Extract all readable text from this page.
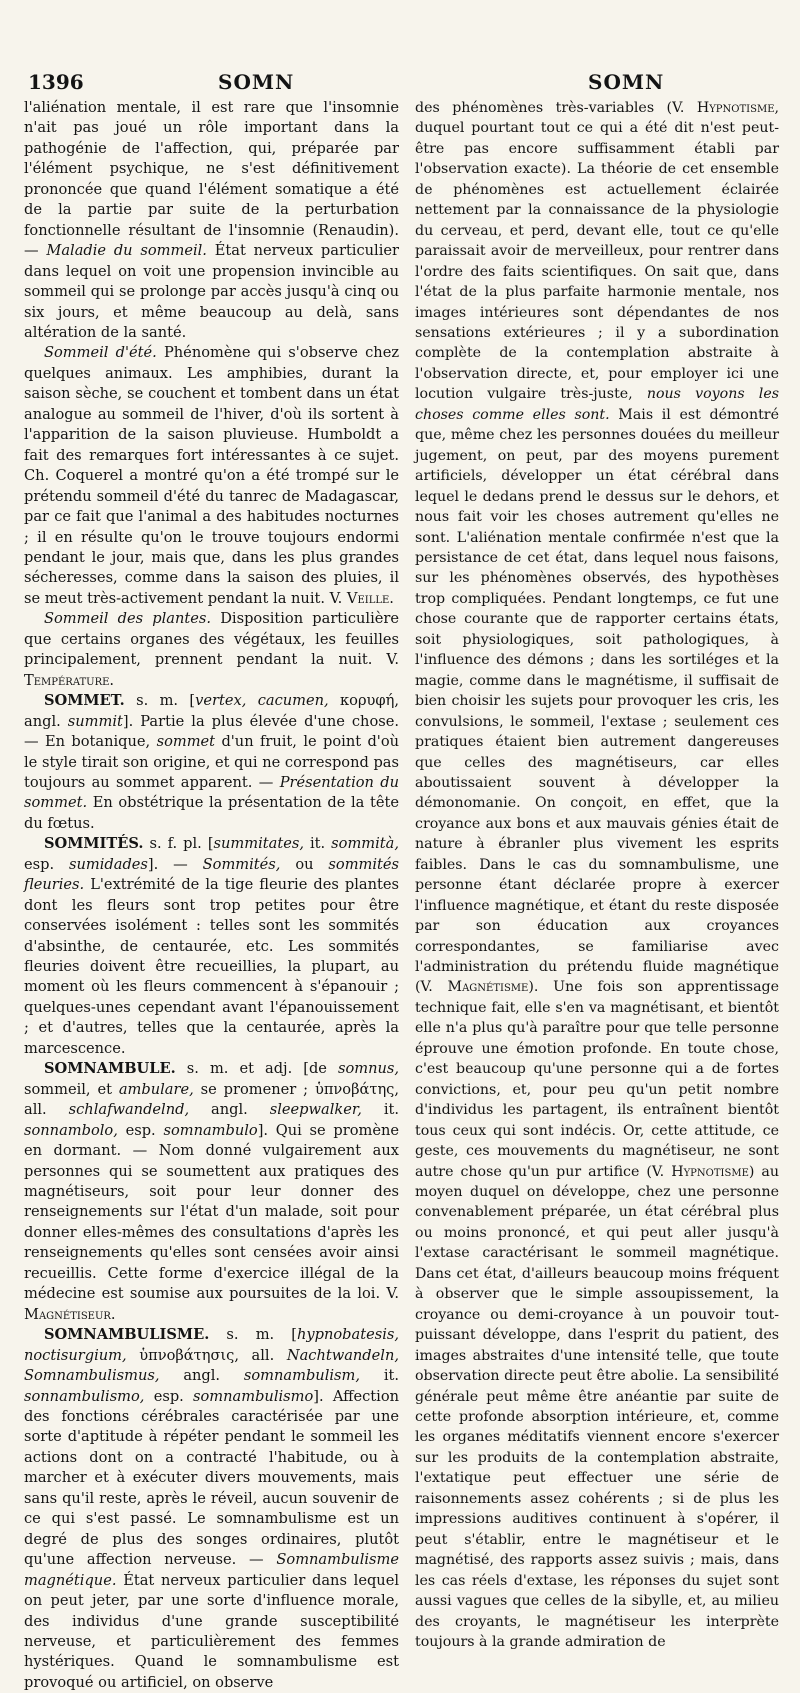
1396	SOMN	SOMN

l'aliénation mentale, il est rare que l'insomnie n'ait pas joué un rôle important dans la pathogénie de l'affection, qui, préparée par l'élément psychique, ne s'est définitivement prononcée que quand l'élément somatique a été de la partie par suite de la perturbation fonctionnelle résultant de l'insomnie (Renaudin). — Maladie du sommeil. État nerveux particulier dans lequel on voit une propension invincible au sommeil qui se prolonge par accès jusqu'à cinq ou six jours, et même beaucoup au delà, sans altération de la santé.

Sommeil d'été. Phénomène qui s'observe chez quelques animaux. Les amphibies, durant la saison sèche, se couchent et tombent dans un état analogue au sommeil de l'hiver, d'où ils sortent à l'apparition de la saison pluvieuse. Humboldt a fait des remarques fort intéressantes à ce sujet. Ch. Coquerel a montré qu'on a été trompé sur le prétendu sommeil d'été du tanrec de Madagascar, par ce fait que l'animal a des habitudes nocturnes ; il en résulte qu'on le trouve toujours endormi pendant le jour, mais que, dans les plus grandes sécheresses, comme dans la saison des pluies, il se meut très-activement pendant la nuit. V. Veille.

Sommeil des plantes. Disposition particulière que certains organes des végétaux, les feuilles principalement, prennent pendant la nuit. V. Température.

SOMMET. s. m. [vertex, cacumen, κορυφή, angl. summit]. Partie la plus élevée d'une chose. — En botanique, sommet d'un fruit, le point d'où le style tirait son origine, et qui ne correspond pas toujours au sommet apparent. — Présentation du sommet. En obstétrique la présentation de la tête du fœtus.

SOMMITÉS. s. f. pl. [summitates, it. sommità, esp. sumidades]. — Sommités, ou sommités fleuries. L'extrémité de la tige fleurie des plantes dont les fleurs sont trop petites pour être conservées isolément : telles sont les sommités d'absinthe, de centaurée, etc. Les sommités fleuries doivent être recueillies, la plupart, au moment où les fleurs commencent à s'épanouir ; quelques-unes cependant avant l'épanouissement ; et d'autres, telles que la centaurée, après la marcescence.

SOMNAMBULE. s. m. et adj. [de somnus, sommeil, et ambulare, se promener ; ὑπνοβάτης, all. schlafwandelnd, angl. sleepwalker, it. sonnambolo, esp. somnambulo]. Qui se promène en dormant. — Nom donné vulgairement aux personnes qui se soumettent aux pratiques des magnétiseurs, soit pour leur donner des renseignements sur l'état d'un malade, soit pour donner elles-mêmes des consultations d'après les renseignements qu'elles sont censées avoir ainsi recueillis. Cette forme d'exercice illégal de la médecine est soumise aux poursuites de la loi. V. Magnétiseur.

SOMNAMBULISME. s. m. [hypnobatesis, noctisurgium, ὑπνοβάτησις, all. Nachtwandeln, Somnambulismus, angl. somnambulism, it. sonnambulismo, esp. somnambulismo]. Affection des fonctions cérébrales caractérisée par une sorte d'aptitude à répéter pendant le sommeil les actions dont on a contracté l'habitude, ou à marcher et à exécuter divers mouvements, mais sans qu'il reste, après le réveil, aucun souvenir de ce qui s'est passé. Le somnambulisme est un degré de plus des songes ordinaires, plutôt qu'une affection nerveuse. — Somnambulisme magnétique. État nerveux particulier dans lequel on peut jeter, par une sorte d'influence morale, des individus d'une grande susceptibilité nerveuse, et particulièrement des femmes hystériques. Quand le somnambulisme est provoqué ou artificiel, on observe

des phénomènes très-variables (V. Hypnotisme, duquel pourtant tout ce qui a été dit n'est peut-être pas encore suffisamment établi par l'observation exacte). La théorie de cet ensemble de phénomènes est actuellement éclairée nettement par la connaissance de la physiologie du cerveau, et perd, devant elle, tout ce qu'elle paraissait avoir de merveilleux, pour rentrer dans l'ordre des faits scientifiques. On sait que, dans l'état de la plus parfaite harmonie mentale, nos images intérieures sont dépendantes de nos sensations extérieures ; il y a subordination complète de la contemplation abstraite à l'observation directe, et, pour employer ici une locution vulgaire très-juste, nous voyons les choses comme elles sont. Mais il est démontré que, même chez les personnes douées du meilleur jugement, on peut, par des moyens purement artificiels, développer un état cérébral dans lequel le dedans prend le dessus sur le dehors, et nous fait voir les choses autrement qu'elles ne sont. L'aliénation mentale confirmée n'est que la persistance de cet état, dans lequel nous faisons, sur les phénomènes observés, des hypothèses trop compliquées. Pendant longtemps, ce fut une chose courante que de rapporter certains états, soit physiologiques, soit pathologiques, à l'influence des démons ; dans les sortiléges et la magie, comme dans le magnétisme, il suffisait de bien choisir les sujets pour provoquer les cris, les convulsions, le sommeil, l'extase ; seulement ces pratiques étaient bien autrement dangereuses que celles des magnétiseurs, car elles aboutissaient souvent à développer la démonomanie. On conçoit, en effet, que la croyance aux bons et aux mauvais génies était de nature à ébranler plus vivement les esprits faibles. Dans le cas du somnambulisme, une personne étant déclarée propre à exercer l'influence magnétique, et étant du reste disposée par son éducation aux croyances correspondantes, se familiarise avec l'administration du prétendu fluide magnétique (V. Magnétisme). Une fois son apprentissage technique fait, elle s'en va magnétisant, et bientôt elle n'a plus qu'à paraître pour que telle personne éprouve une émotion profonde. En toute chose, c'est beaucoup qu'une personne qui a de fortes convictions, et, pour peu qu'un petit nombre d'individus les partagent, ils entraînent bientôt tous ceux qui sont indécis. Or, cette attitude, ce geste, ces mouvements du magnétiseur, ne sont autre chose qu'un pur artifice (V. Hypnotisme) au moyen duquel on développe, chez une personne convenablement préparée, un état cérébral plus ou moins prononcé, et qui peut aller jusqu'à l'extase caractérisant le sommeil magnétique. Dans cet état, d'ailleurs beaucoup moins fréquent à observer que le simple assoupissement, la croyance ou demi-croyance à un pouvoir tout-puissant développe, dans l'esprit du patient, des images abstraites d'une intensité telle, que toute observation directe peut être abolie. La sensibilité générale peut même être anéantie par suite de cette profonde absorption intérieure, et, comme les organes méditatifs viennent encore s'exercer sur les produits de la contemplation abstraite, l'extatique peut effectuer une série de raisonnements assez cohérents ; si de plus les impressions auditives continuent à s'opérer, il peut s'établir, entre le magnétiseur et le magnétisé, des rapports assez suivis ; mais, dans les cas réels d'extase, les réponses du sujet sont aussi vagues que celles de la sibylle, et, au milieu des croyants, le magnétiseur les interprète toujours à la grande admiration de
